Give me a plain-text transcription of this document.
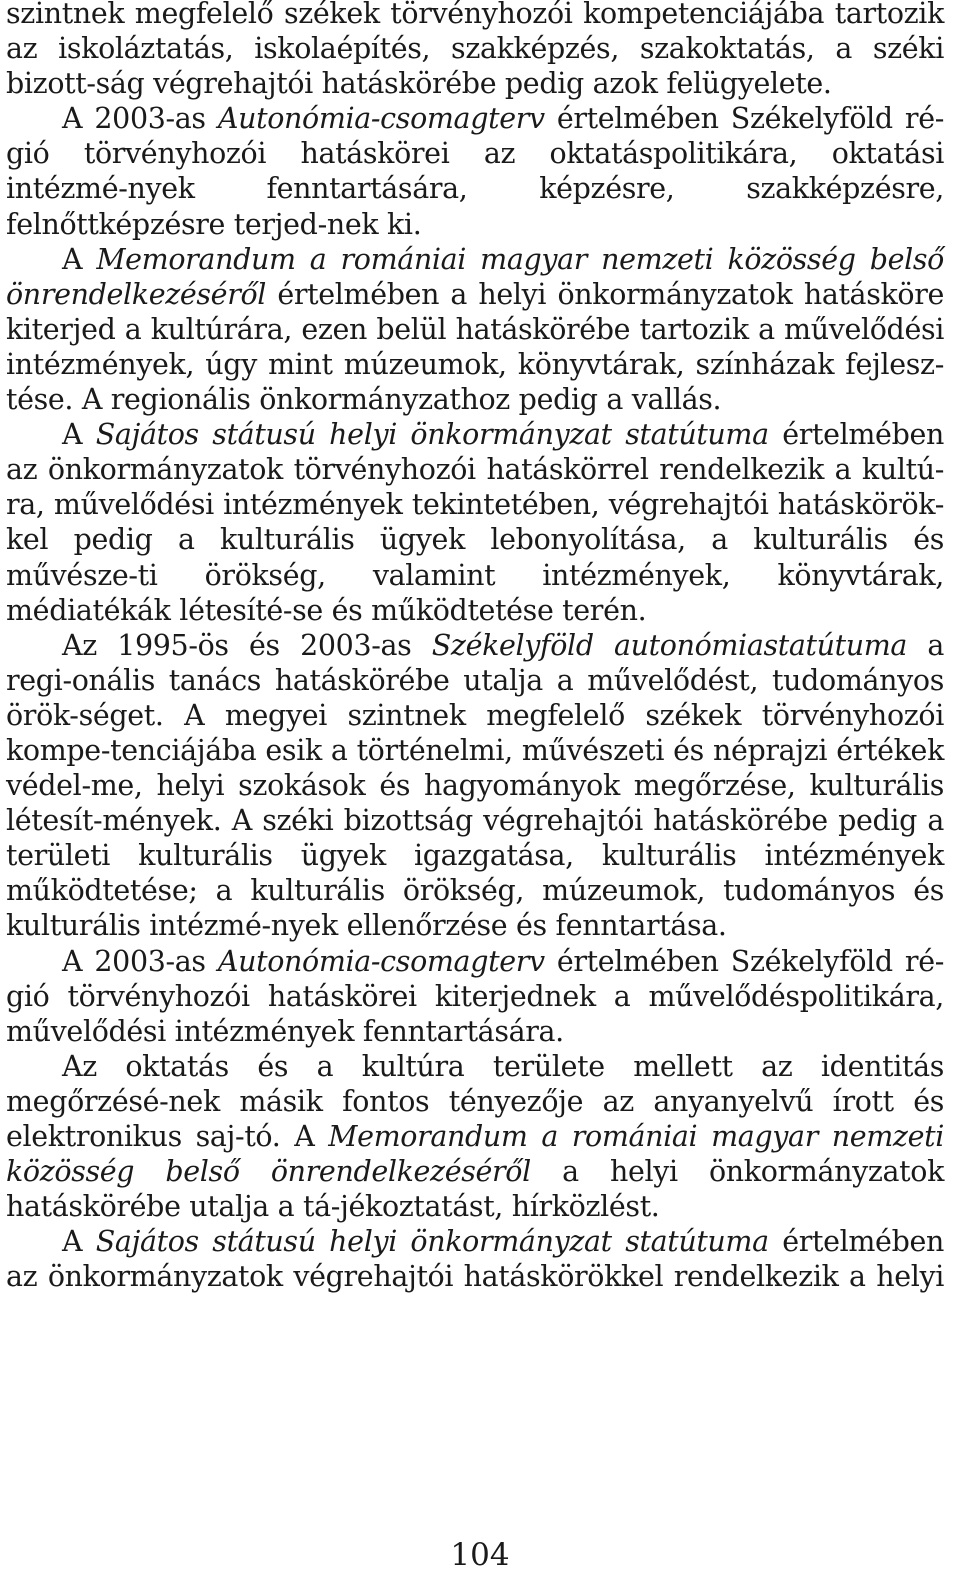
szintnek megfelelő székek törvényhozói kompetenciájába tartozik az iskoláztatás, iskolaépítés, szakképzés, szakoktatás, a széki bizott-ság végrehajtói hatáskörébe pedig azok felügyelete.

A 2003-as Autonómia-csomagterv értelmében Székelyföld ré-gió törvényhozói hatáskörei az oktatáspolitikára, oktatási intézmé-nyek fenntartására, képzésre, szakképzésre, felnőttképzésre terjed-nek ki.

A Memorandum a romániai magyar nemzeti közösség belső önrendelkezéséről értelmében a helyi önkormányzatok hatásköre kiterjed a kultúrára, ezen belül hatáskörébe tartozik a művelődési intézmények, úgy mint múzeumok, könyvtárak, színházak fejlesz-tése. A regionális önkormányzathoz pedig a vallás.

A Sajátos státusú helyi önkormányzat statútuma értelmében az önkormányzatok törvényhozói hatáskörrel rendelkezik a kultú-ra, művelődési intézmények tekintetében, végrehajtói hatáskörök-kel pedig a kulturális ügyek lebonyolítása, a kulturális és művésze-ti örökség, valamint intézmények, könyvtárak, médiatékák létesíté-se és működtetése terén.

Az 1995-ös és 2003-as Székelyföld autonómiastatútuma a regi-onális tanács hatáskörébe utalja a művelődést, tudományos örök-séget. A megyei szintnek megfelelő székek törvényhozói kompe-tenciájába esik a történelmi, művészeti és néprajzi értékek védel-me, helyi szokások és hagyományok megőrzése, kulturális létesít-mények. A széki bizottság végrehajtói hatáskörébe pedig a területi kulturális ügyek igazgatása, kulturális intézmények működtetése; a kulturális örökség, múzeumok, tudományos és kulturális intézmé-nyek ellenőrzése és fenntartása.

A 2003-as Autonómia-csomagterv értelmében Székelyföld ré-gió törvényhozói hatáskörei kiterjednek a művelődéspolitikára, művelődési intézmények fenntartására.

Az oktatás és a kultúra területe mellett az identitás megőrzésé-nek másik fontos tényezője az anyanyelvű írott és elektronikus saj-tó. A Memorandum a romániai magyar nemzeti közösség belső önrendelkezéséről a helyi önkormányzatok hatáskörébe utalja a tá-jékoztatást, hírközlést.

A Sajátos státusú helyi önkormányzat statútuma értelmében az önkormányzatok végrehajtói hatáskörökkel rendelkezik a helyi

104
